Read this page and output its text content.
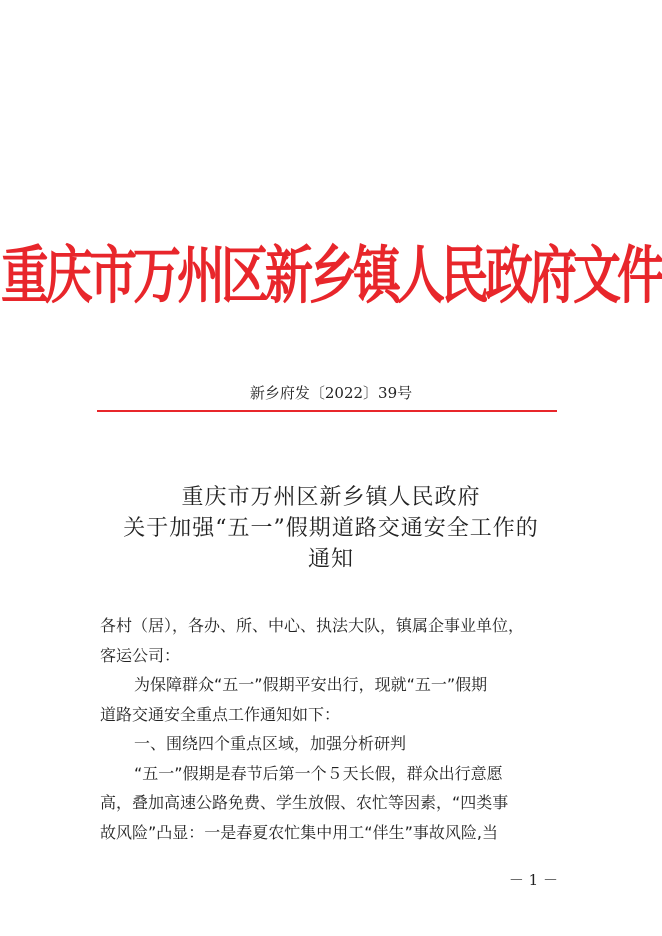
重庆市万州区新乡镇人民政府文件
新乡府发〔2022〕39号
重庆市万州区新乡镇人民政府
关于加强“五一”假期道路交通安全工作的
通知
各村（居），各办、所、中心、执法大队，镇属企事业单位，
客运公司：
为保障群众“五一”假期平安出行，现就“五一”假期
道路交通安全重点工作通知如下：
一、围绕四个重点区域，加强分析研判
“五一”假期是春节后第一个５天长假，群众出行意愿
高，叠加高速公路免费、学生放假、农忙等因素，“四类事
故风险”凸显：一是春夏农忙集中用工“伴生”事故风险,当
－ 1 －
